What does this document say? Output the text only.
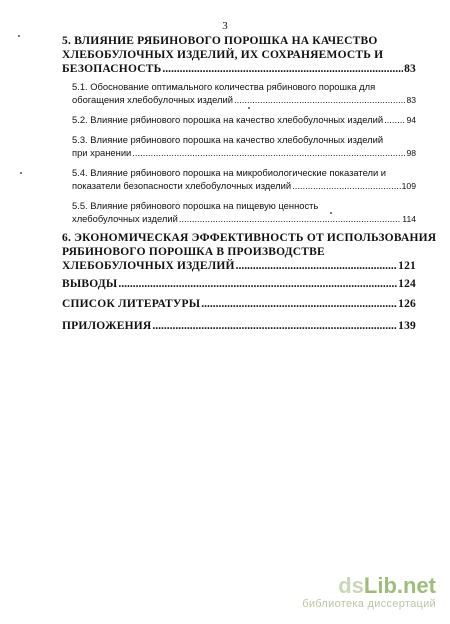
3
5. ВЛИЯНИЕ РЯБИНОВОГО ПОРОШКА НА КАЧЕСТВО
ХЛЕБОБУЛОЧНЫХ ИЗДЕЛИЙ, ИХ СОХРАНЯЕМОСТЬ И
БЕЗОПАСНОСТЬ .....	83
5.1. Обоснование оптимального количества рябинового порошка для
обогащения хлебобулочных изделий .....	83
5.2. Влияние рябинового порошка на качество хлебобулочных изделий .....	94
5.3. Влияние рябинового порошка на качество хлебобулочных изделий
при хранении .....	98
5.4. Влияние рябинового порошка на микробиологические показатели и
показатели безопасности хлебобулочных изделий .....	109
5.5. Влияние рябинового порошка на пищевую ценность
хлебобулочных изделий .....	114
6. ЭКОНОМИЧЕСКАЯ ЭФФЕКТИВНОСТЬ ОТ ИСПОЛЬЗОВАНИЯ
РЯБИНОВОГО ПОРОШКА В ПРОИЗВОДСТВЕ
ХЛЕБОБУЛОЧНЫХ ИЗДЕЛИЙ .....	121
ВЫВОДЫ .....	124
СПИСОК ЛИТЕРАТУРЫ .....	126
ПРИЛОЖЕНИЯ .....	139
dsLib.net
библиотека диссертаций
